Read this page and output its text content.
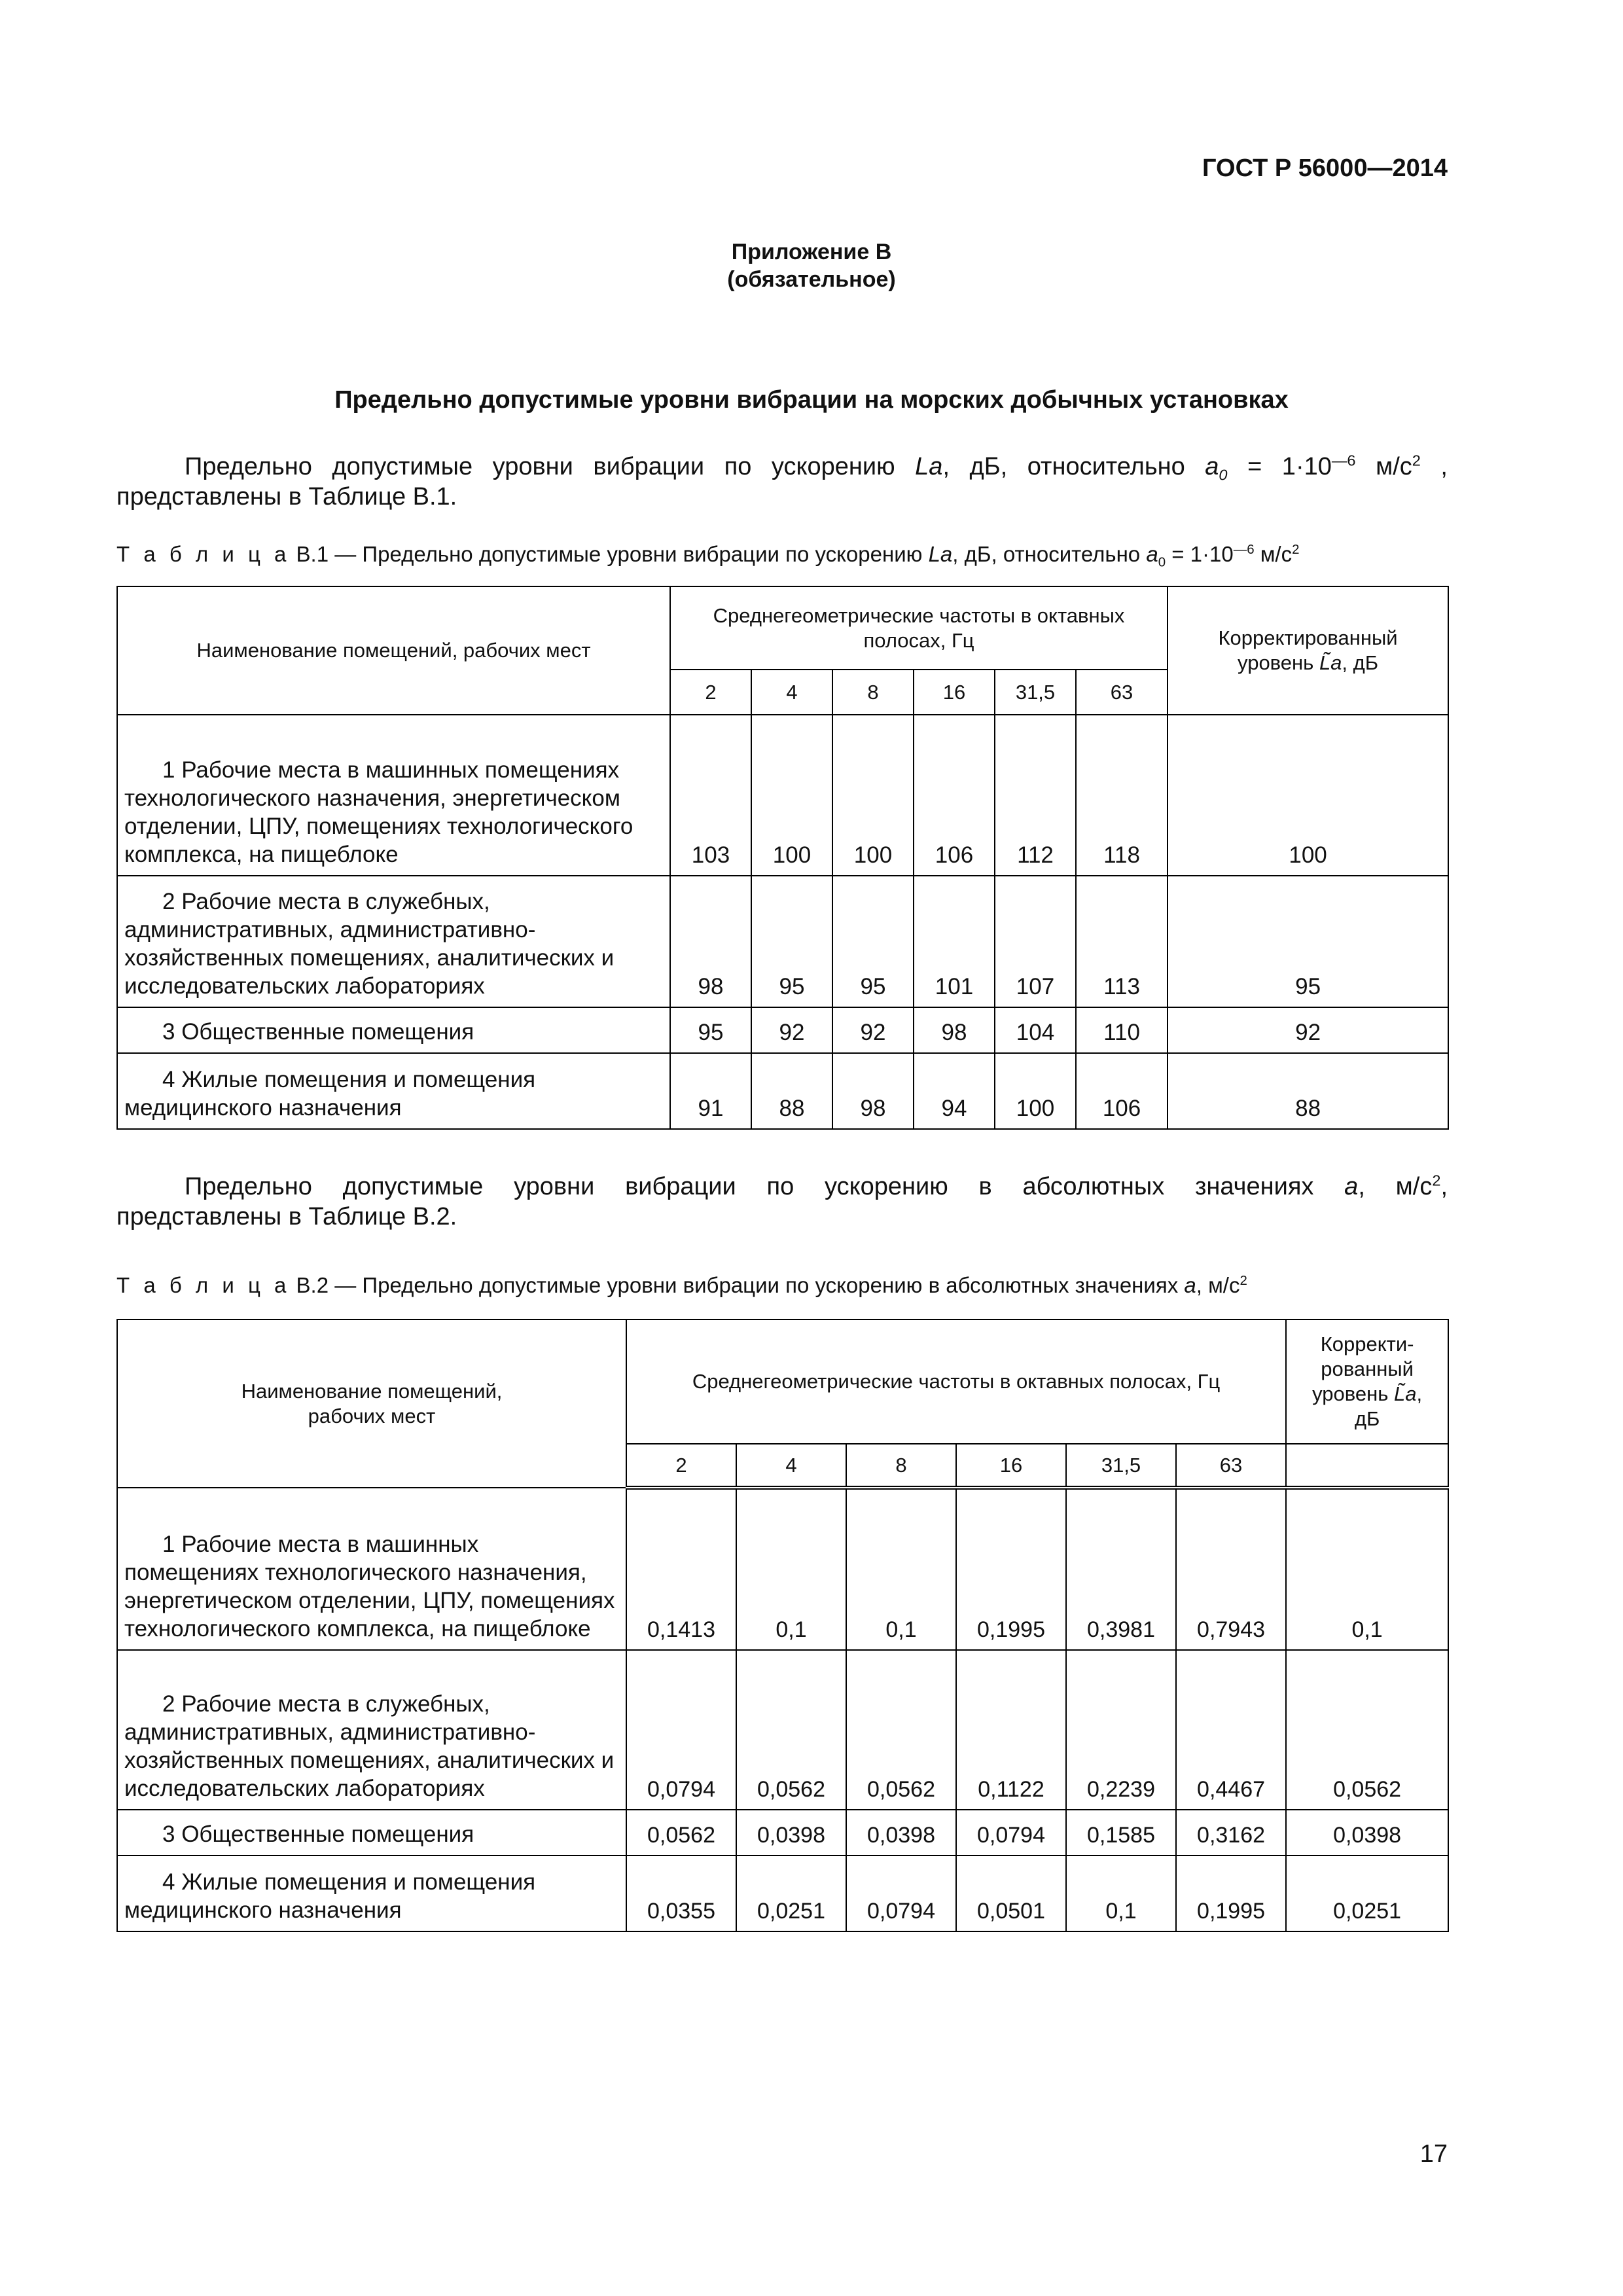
ГОСТ Р 56000—2014
Приложение В
(обязательное)
Предельно допустимые уровни вибрации на морских добычных установках
Предельно допустимые уровни вибрации по ускорению La, дБ, относительно $a_0 = 1\cdot 10^{—6}$ $м/с^2$ ,
представлены в Таблице В.1.
Т а б л и ц а В.1 — Предельно допустимые уровни вибрации по ускорению La, дБ, относительно $a_0 = 1\cdot 10^{—6}$ $м/с^2$
Наименование помещений, рабочих мест	Среднегеометрические частоты в октавных полосах, Гц						Корректированный
уровень L̃a, дБ
	2	4	8	16	31,5	63	

1 Рабочие места в машинных помещениях технологического назначения, энергетическом отделении, ЦПУ, помещениях технологического комплекса, на пищеблоке	103	100	100	106	112	118	100

2 Рабочие места в служебных, административных, административно-хозяйственных помещениях, аналитических и исследовательских лабораториях	98	95	95	101	107	113	95

3 Общественные помещения	95	92	92	98	104	110	92

4 Жилые помещения и помещения медицинского назначения	91	88	98	94	100	106	88
Предельно допустимые уровни вибрации по ускорению в абсолютных значениях a, $м/с^2$,
представлены в Таблице В.2.
Т а б л и ц а В.2 — Предельно допустимые уровни вибрации по ускорению в абсолютных значениях a, $м/с^2$
Наименование помещений,
рабочих мест	Среднегеометрические частоты в октавных полосах, Гц						Корректи-
рованный
уровень L̃a,
дБ
	2	4	8	16	31,5	63	

1 Рабочие места в машинных помещениях технологического назначения, энергетическом отделении, ЦПУ, помещениях технологического комплекса, на пищеблоке	0,1413	0,1	0,1	0,1995	0,3981	0,7943	0,1

2 Рабочие места в служебных, административных, административно-хозяйственных помещениях, аналитических и исследовательских лабораториях	0,0794	0,0562	0,0562	0,1122	0,2239	0,4467	0,0562

3 Общественные помещения	0,0562	0,0398	0,0398	0,0794	0,1585	0,3162	0,0398

4 Жилые помещения и помещения медицинского назначения	0,0355	0,0251	0,0794	0,0501	0,1	0,1995	0,0251
17
